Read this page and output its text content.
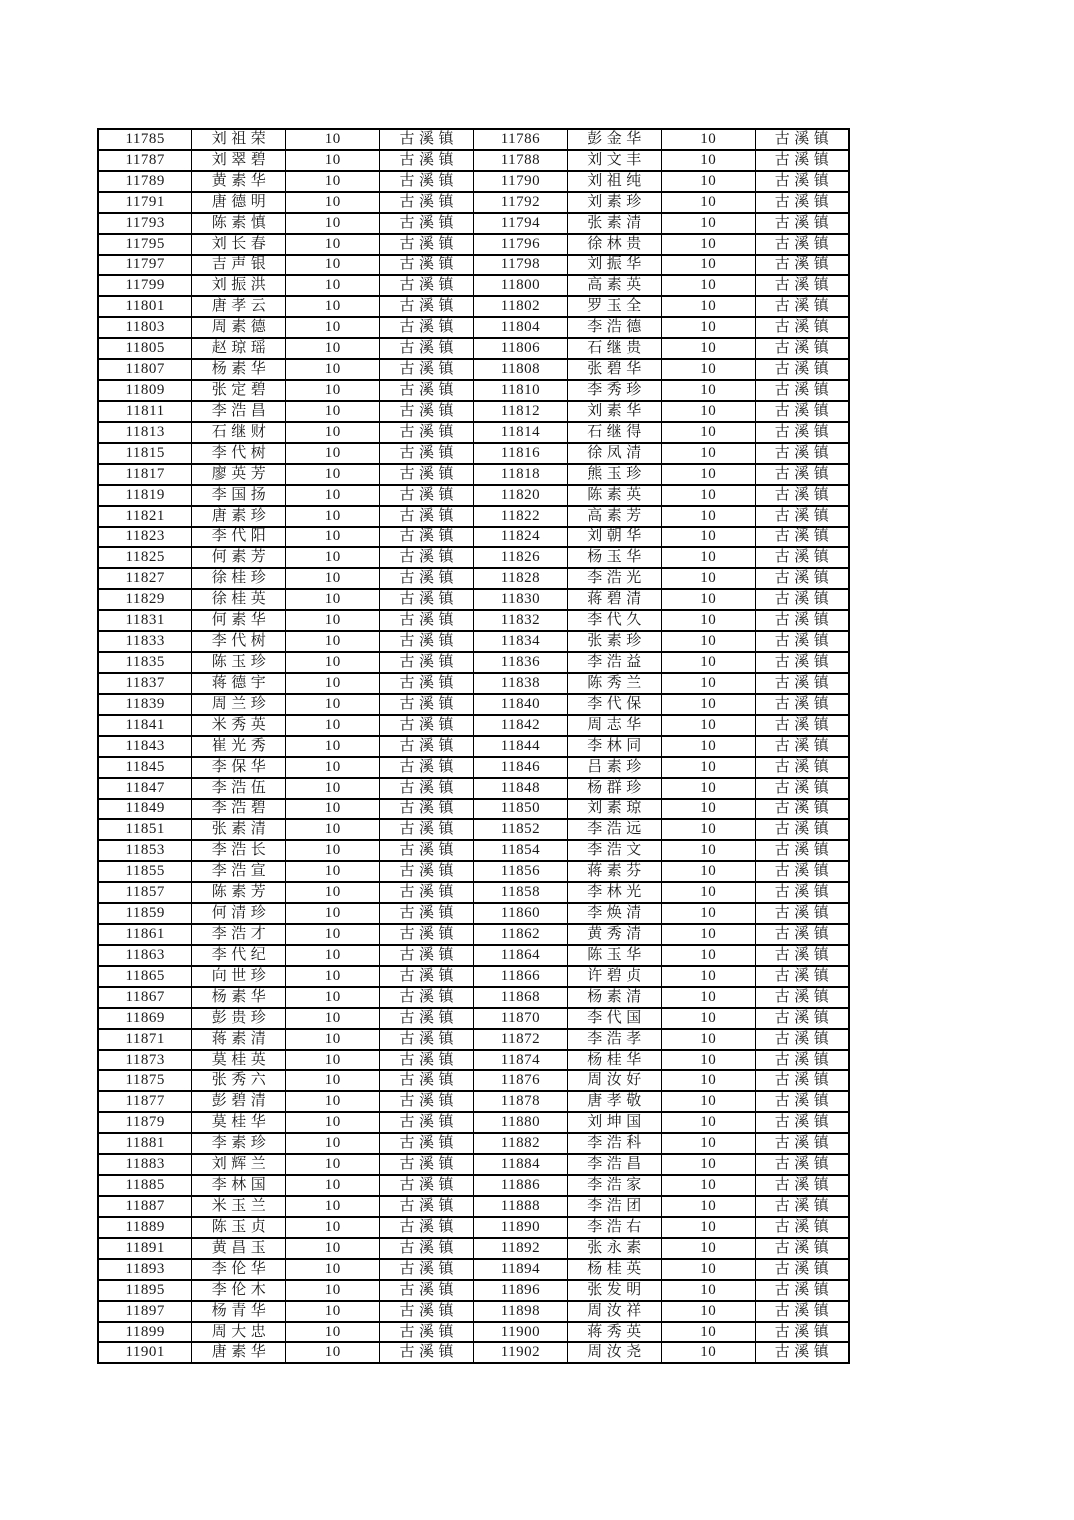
11785	刘祖荣	10	古溪镇	11786	彭金华	10	古溪镇
11787	刘翠碧	10	古溪镇	11788	刘文丰	10	古溪镇
11789	黄素华	10	古溪镇	11790	刘祖纯	10	古溪镇
11791	唐德明	10	古溪镇	11792	刘素珍	10	古溪镇
11793	陈素慎	10	古溪镇	11794	张素清	10	古溪镇
11795	刘长春	10	古溪镇	11796	徐林贵	10	古溪镇
11797	吉声银	10	古溪镇	11798	刘振华	10	古溪镇
11799	刘振洪	10	古溪镇	11800	高素英	10	古溪镇
11801	唐孝云	10	古溪镇	11802	罗玉全	10	古溪镇
11803	周素德	10	古溪镇	11804	李浩德	10	古溪镇
11805	赵琼瑶	10	古溪镇	11806	石继贵	10	古溪镇
11807	杨素华	10	古溪镇	11808	张碧华	10	古溪镇
11809	张定碧	10	古溪镇	11810	李秀珍	10	古溪镇
11811	李浩昌	10	古溪镇	11812	刘素华	10	古溪镇
11813	石继财	10	古溪镇	11814	石继得	10	古溪镇
11815	李代树	10	古溪镇	11816	徐凤清	10	古溪镇
11817	廖英芳	10	古溪镇	11818	熊玉珍	10	古溪镇
11819	李国扬	10	古溪镇	11820	陈素英	10	古溪镇
11821	唐素珍	10	古溪镇	11822	高素芳	10	古溪镇
11823	李代阳	10	古溪镇	11824	刘朝华	10	古溪镇
11825	何素芳	10	古溪镇	11826	杨玉华	10	古溪镇
11827	徐桂珍	10	古溪镇	11828	李浩光	10	古溪镇
11829	徐桂英	10	古溪镇	11830	蒋碧清	10	古溪镇
11831	何素华	10	古溪镇	11832	李代久	10	古溪镇
11833	李代树	10	古溪镇	11834	张素珍	10	古溪镇
11835	陈玉珍	10	古溪镇	11836	李浩益	10	古溪镇
11837	蒋德宇	10	古溪镇	11838	陈秀兰	10	古溪镇
11839	周兰珍	10	古溪镇	11840	李代保	10	古溪镇
11841	米秀英	10	古溪镇	11842	周志华	10	古溪镇
11843	崔光秀	10	古溪镇	11844	李林同	10	古溪镇
11845	李保华	10	古溪镇	11846	吕素珍	10	古溪镇
11847	李浩伍	10	古溪镇	11848	杨群珍	10	古溪镇
11849	李浩碧	10	古溪镇	11850	刘素琼	10	古溪镇
11851	张素清	10	古溪镇	11852	李浩远	10	古溪镇
11853	李浩长	10	古溪镇	11854	李浩文	10	古溪镇
11855	李浩宣	10	古溪镇	11856	蒋素芬	10	古溪镇
11857	陈素芳	10	古溪镇	11858	李林光	10	古溪镇
11859	何清珍	10	古溪镇	11860	李焕清	10	古溪镇
11861	李浩才	10	古溪镇	11862	黄秀清	10	古溪镇
11863	李代纪	10	古溪镇	11864	陈玉华	10	古溪镇
11865	向世珍	10	古溪镇	11866	许碧贞	10	古溪镇
11867	杨素华	10	古溪镇	11868	杨素清	10	古溪镇
11869	彭贵珍	10	古溪镇	11870	李代国	10	古溪镇
11871	蒋素清	10	古溪镇	11872	李浩孝	10	古溪镇
11873	莫桂英	10	古溪镇	11874	杨桂华	10	古溪镇
11875	张秀六	10	古溪镇	11876	周汝好	10	古溪镇
11877	彭碧清	10	古溪镇	11878	唐孝敬	10	古溪镇
11879	莫桂华	10	古溪镇	11880	刘坤国	10	古溪镇
11881	李素珍	10	古溪镇	11882	李浩科	10	古溪镇
11883	刘辉兰	10	古溪镇	11884	李浩昌	10	古溪镇
11885	李林国	10	古溪镇	11886	李浩家	10	古溪镇
11887	米玉兰	10	古溪镇	11888	李浩团	10	古溪镇
11889	陈玉贞	10	古溪镇	11890	李浩右	10	古溪镇
11891	黄昌玉	10	古溪镇	11892	张永素	10	古溪镇
11893	李伦华	10	古溪镇	11894	杨桂英	10	古溪镇
11895	李伦木	10	古溪镇	11896	张发明	10	古溪镇
11897	杨青华	10	古溪镇	11898	周汝祥	10	古溪镇
11899	周大忠	10	古溪镇	11900	蒋秀英	10	古溪镇
11901	唐素华	10	古溪镇	11902	周汝尧	10	古溪镇
